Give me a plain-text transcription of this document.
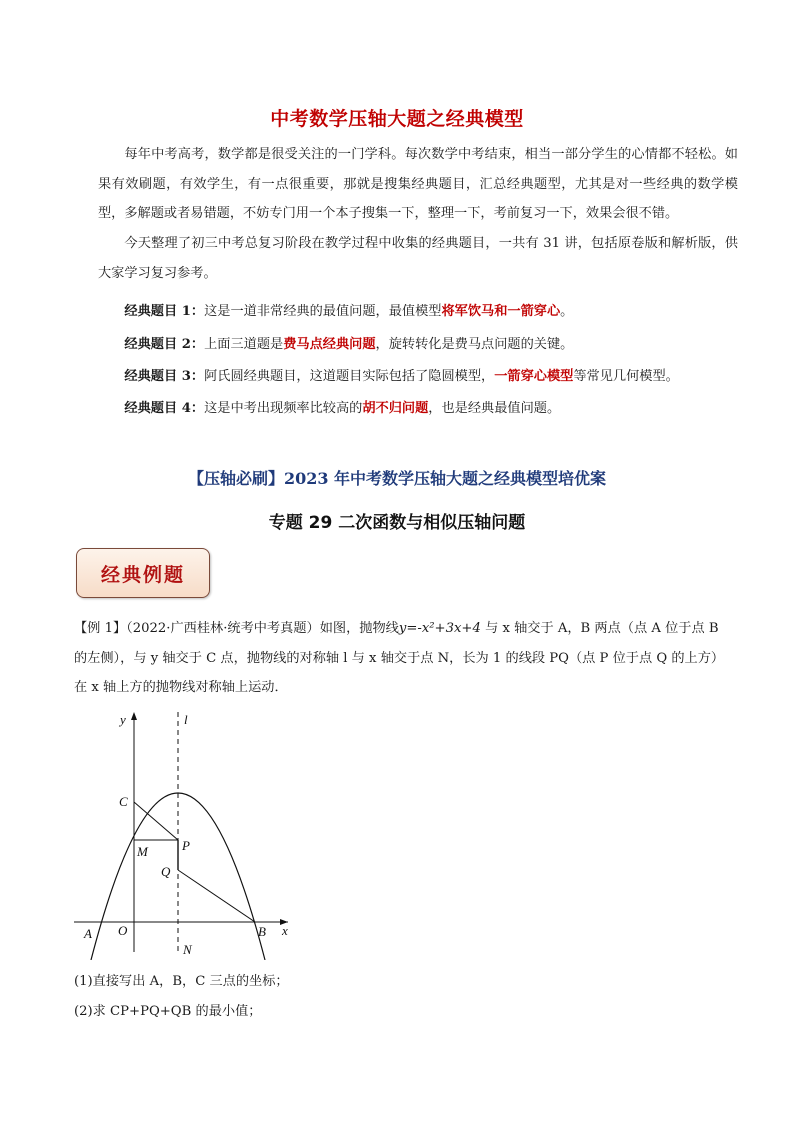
中考数学压轴大题之经典模型

每年中考高考，数学都是很受关注的一门学科。每次数学中考结束，相当一部分学生的心情都不轻松。如果有效刷题，有效学生，有一点很重要，那就是搜集经典题目，汇总经典题型，尤其是对一些经典的数学模型，多解题或者易错题，不妨专门用一个本子搜集一下，整理一下，考前复习一下，效果会很不错。

今天整理了初三中考总复习阶段在教学过程中收集的经典题目，一共有 31 讲，包括原卷版和解析版，供大家学习复习参考。

经典题目 1：这是一道非常经典的最值问题，最值模型将军饮马和一箭穿心。
经典题目 2：上面三道题是费马点经典问题，旋转转化是费马点问题的关键。
经典题目 3：阿氏圆经典题目，这道题目实际包括了隐圆模型，一箭穿心模型等常见几何模型。
经典题目 4：这是中考出现频率比较高的胡不归问题，也是经典最值问题。
【压轴必刷】2023 年中考数学压轴大题之经典模型培优案
专题 29 二次函数与相似压轴问题
经典例题

【例 1】（2022·广西桂林·统考中考真题）如图，抛物线y=-x²+3x+4 与 x 轴交于 A，B 两点（点 A 位于点 B 的左侧），与 y 轴交于 C 点，抛物线的对称轴 l 与 x 轴交于点 N，长为 1 的线段 PQ（点 P 位于点 Q 的上方）在 x 轴上方的抛物线对称轴上运动．

y	l
C
P
M
Q
x
A O	B
N
(1)直接写出 A，B，C 三点的坐标；
(2)求 CP+PQ+QB 的最小值；
